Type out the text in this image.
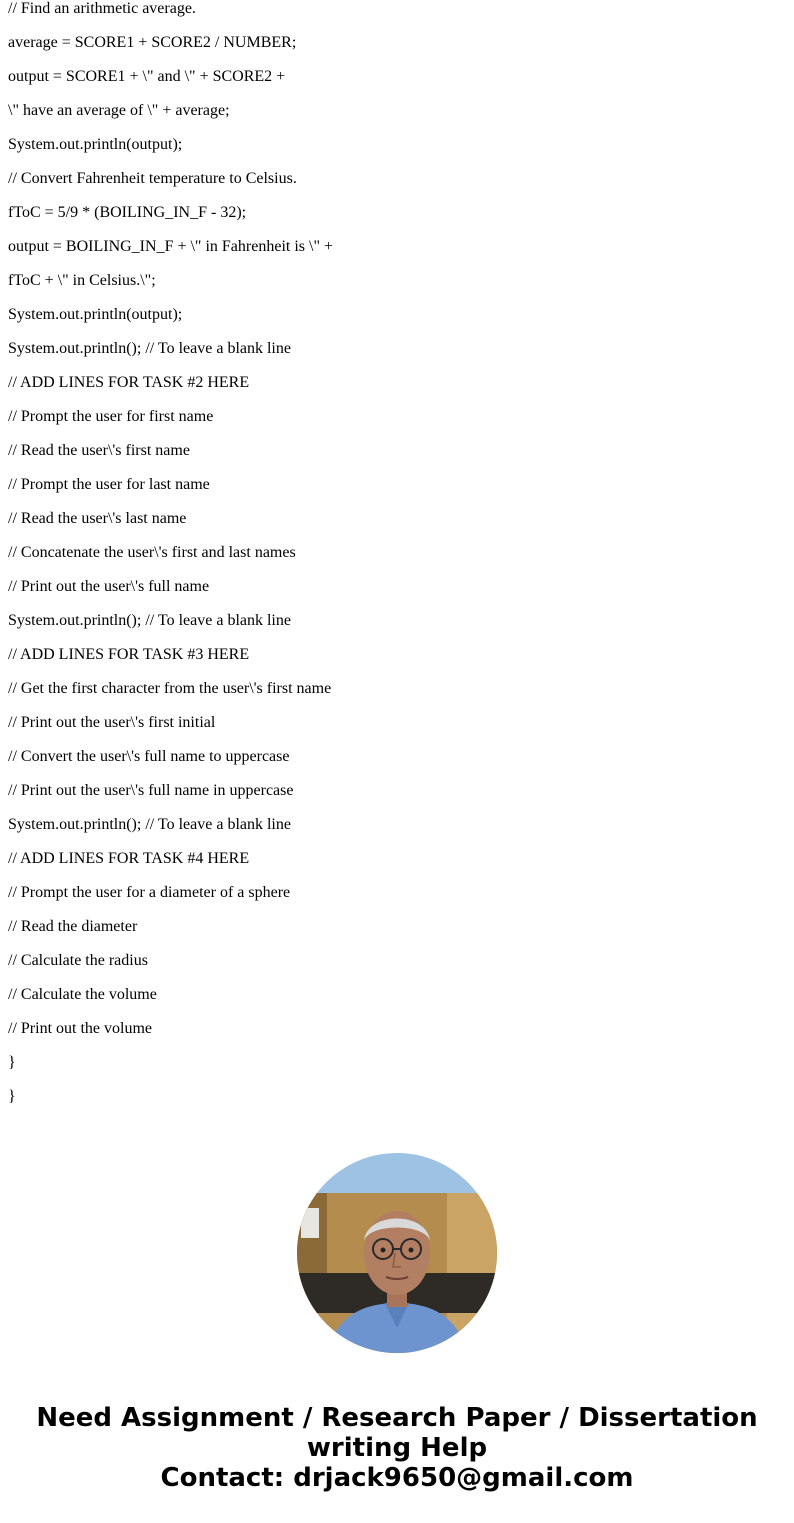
// Find an arithmetic average.
average = SCORE1 + SCORE2 / NUMBER;
output = SCORE1 + \" and \" + SCORE2 +
\" have an average of \" + average;
System.out.println(output);
// Convert Fahrenheit temperature to Celsius.
fToC = 5/9 * (BOILING_IN_F - 32);
output = BOILING_IN_F + \" in Fahrenheit is \" +
fToC + \" in Celsius.\";
System.out.println(output);
System.out.println(); // To leave a blank line
// ADD LINES FOR TASK #2 HERE
// Prompt the user for first name
// Read the user\'s first name
// Prompt the user for last name
// Read the user\'s last name
// Concatenate the user\'s first and last names
// Print out the user\'s full name
System.out.println(); // To leave a blank line
// ADD LINES FOR TASK #3 HERE
// Get the first character from the user\'s first name
// Print out the user\'s first initial
// Convert the user\'s full name to uppercase
// Print out the user\'s full name in uppercase
System.out.println(); // To leave a blank line
// ADD LINES FOR TASK #4 HERE
// Prompt the user for a diameter of a sphere
// Read the diameter
// Calculate the radius
// Calculate the volume
// Print out the volume
}
}
Need Assignment / Research Paper / Dissertation
writing Help
Contact: drjack9650@gmail.com
